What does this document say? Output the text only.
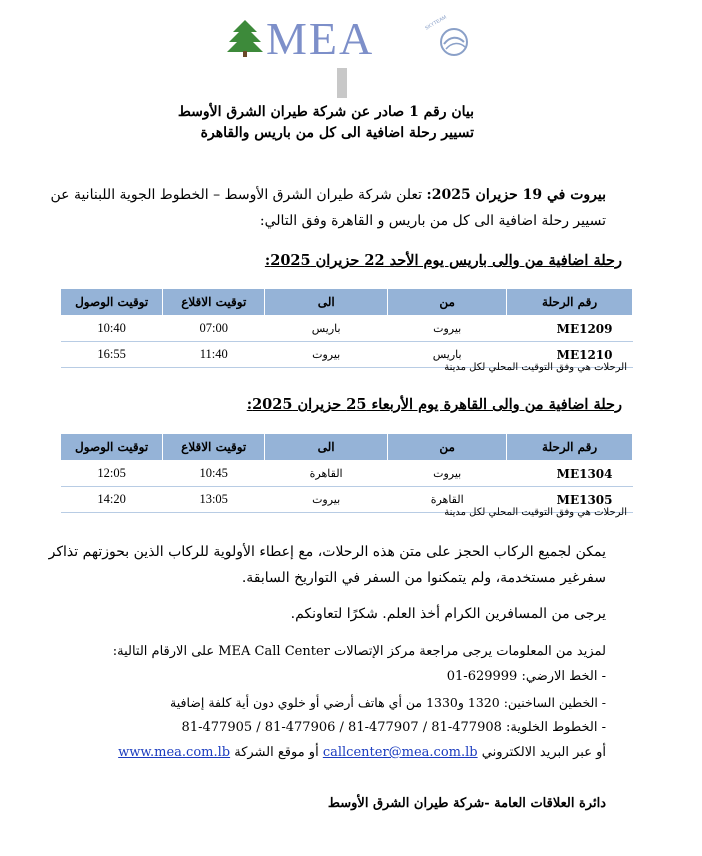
MEA	SKYTEAM
بيان رقم 1 صادر عن شركة طيران الشرق الأوسط
تسيير رحلة اضافية الى كل من باريس والقاهرة
بيروت في 19 حزيران 2025: تعلن شركة طيران الشرق الأوسط – الخطوط الجوية اللبنانية عن تسيير رحلة اضافية الى كل من باريس و القاهرة وفق التالي:
رحلة اضافية من والى باريس يوم الأحد 22 حزيران 2025:
رقم الرحلة	من	الى	توقيت الاقلاع	توقيت الوصول
ME1209	بيروت	باريس	07:00	10:40
ME1210	باريس	بيروت	11:40	16:55
الرحلات هي وفق التوقيت المحلي لكل مدينة
رحلة اضافية من والى القاهرة يوم الأربعاء 25 حزيران 2025:
رقم الرحلة	من	الى	توقيت الاقلاع	توقيت الوصول
ME1304	بيروت	القاهرة	10:45	12:05
ME1305	القاهرة	بيروت	13:05	14:20
الرحلات هي وفق التوقيت المحلي لكل مدينة
يمكن لجميع الركاب الحجز على متن هذه الرحلات، مع إعطاء الأولوية للركاب الذين بحوزتهم تذاكر سفرغير مستخدمة، ولم يتمكنوا من السفر في التواريخ السابقة.
يرجى من المسافرين الكرام أخذ العلم. شكرًا لتعاونكم.
لمزيد من المعلومات يرجى مراجعة مركز الإتصالات MEA Call Center على الارقام التالية:
- الخط الارضي: 629999-01
- الخطين الساخنين: 1320 و1330 من أي هاتف أرضي أو خلوي دون أية كلفة إضافية
- الخطوط الخلوية: 477908-81 / 477907-81 / 477906-81 / 477905-81
أو عبر البريد الالكتروني callcenter@mea.com.lb أو موقع الشركة www.mea.com.lb
دائرة العلاقات العامة -شركة طيران الشرق الأوسط
